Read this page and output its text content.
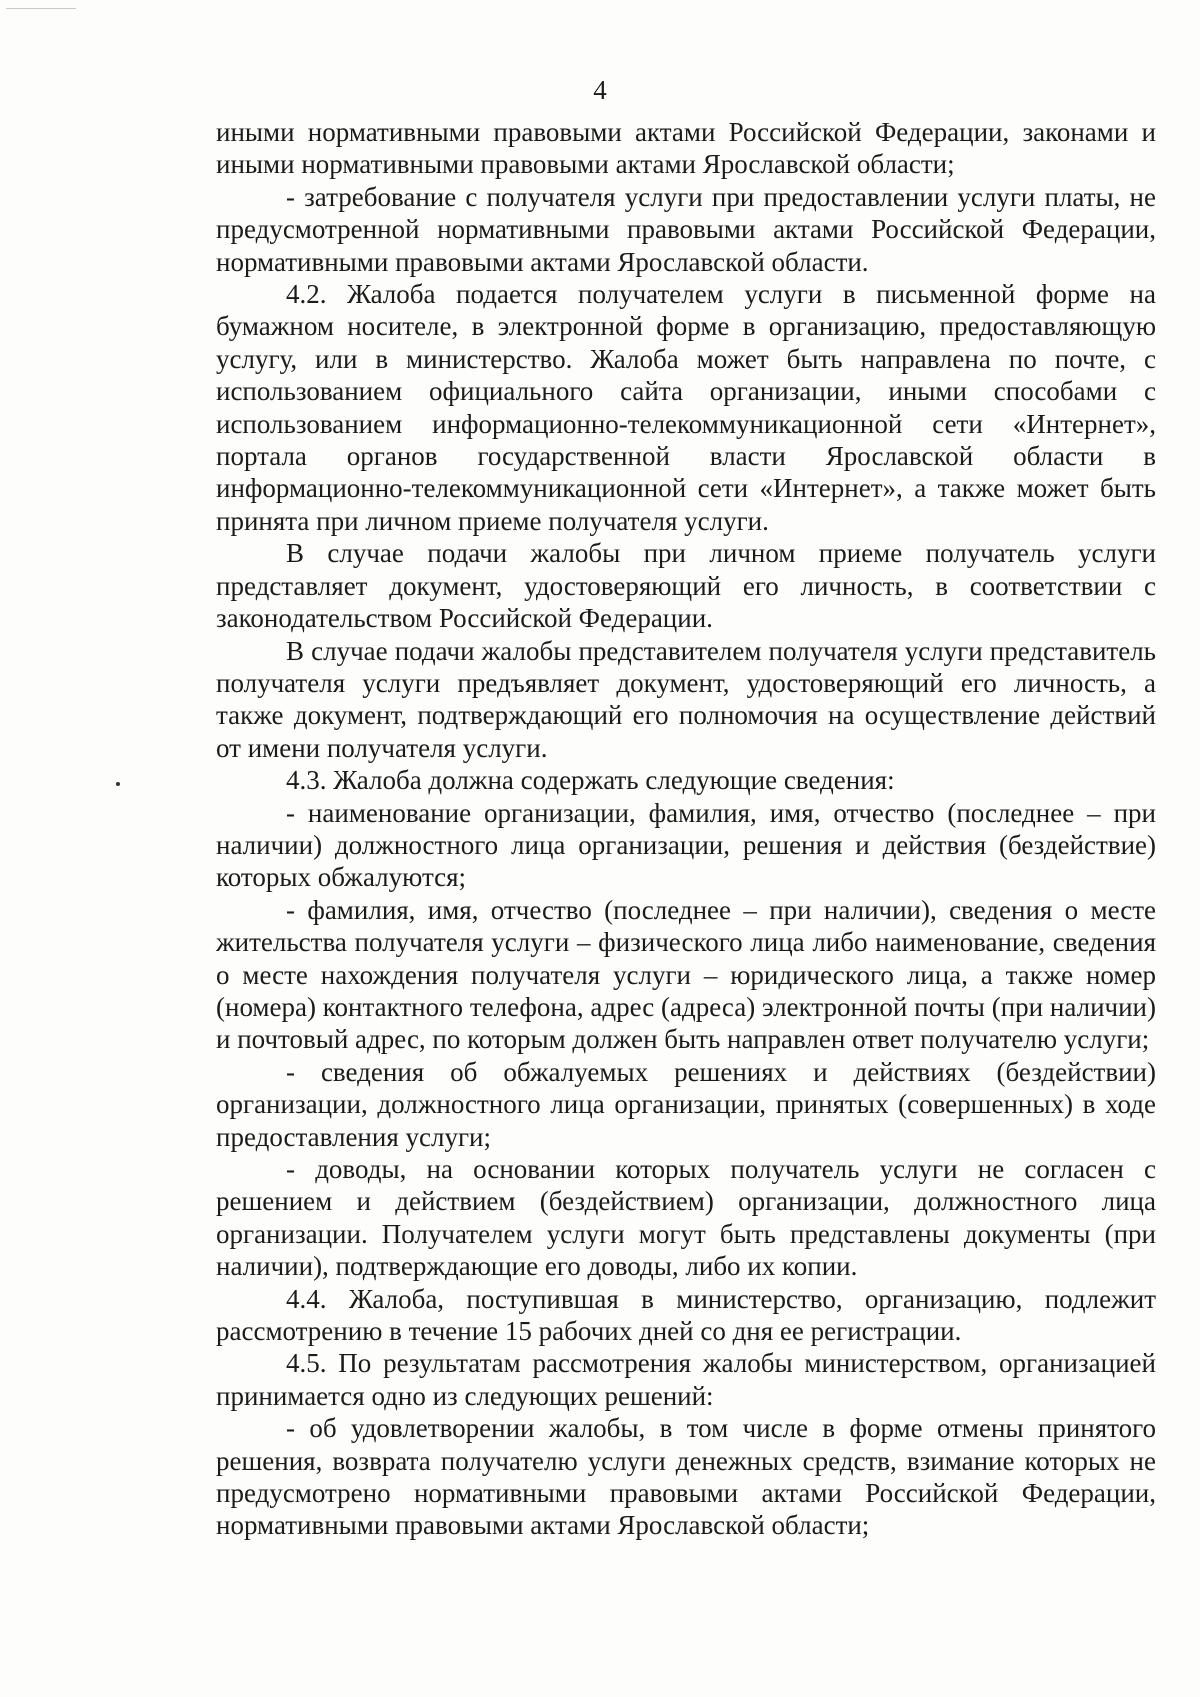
4

иными нормативными правовыми актами Российской Федерации, законами и иными нормативными правовыми актами Ярославской области;

- затребование с получателя услуги при предоставлении услуги платы, не предусмотренной нормативными правовыми актами Российской Федерации, нормативными правовыми актами Ярославской области.

4.2. Жалоба подается получателем услуги в письменной форме на бумажном носителе, в электронной форме в организацию, предоставляющую услугу, или в министерство. Жалоба может быть направлена по почте, с использованием официального сайта организации, иными способами с использованием информационно-телекоммуникационной сети «Интернет», портала органов государственной власти Ярославской области в информационно-телекоммуникационной сети «Интернет», а также может быть принята при личном приеме получателя услуги.

В случае подачи жалобы при личном приеме получатель услуги представляет документ, удостоверяющий его личность, в соответствии с законодательством Российской Федерации.

В случае подачи жалобы представителем получателя услуги представитель получателя услуги предъявляет документ, удостоверяющий его личность, а также документ, подтверждающий его полномочия на осуществление действий от имени получателя услуги.

4.3. Жалоба должна содержать следующие сведения:

- наименование организации, фамилия, имя, отчество (последнее – при наличии) должностного лица организации, решения и действия (бездействие) которых обжалуются;

- фамилия, имя, отчество (последнее – при наличии), сведения о месте жительства получателя услуги – физического лица либо наименование, сведения о месте нахождения получателя услуги – юридического лица, а также номер (номера) контактного телефона, адрес (адреса) электронной почты (при наличии) и почтовый адрес, по которым должен быть направлен ответ получателю услуги;

- сведения об обжалуемых решениях и действиях (бездействии) организации, должностного лица организации, принятых (совершенных) в ходе предоставления услуги;

- доводы, на основании которых получатель услуги не согласен с решением и действием (бездействием) организации, должностного лица организации. Получателем услуги могут быть представлены документы (при наличии), подтверждающие его доводы, либо их копии.

4.4. Жалоба, поступившая в министерство, организацию, подлежит рассмотрению в течение 15 рабочих дней со дня ее регистрации.

4.5. По результатам рассмотрения жалобы министерством, организацией принимается одно из следующих решений:

- об удовлетворении жалобы, в том числе в форме отмены принятого решения, возврата получателю услуги денежных средств, взимание которых не предусмотрено нормативными правовыми актами Российской Федерации, нормативными правовыми актами Ярославской области;
